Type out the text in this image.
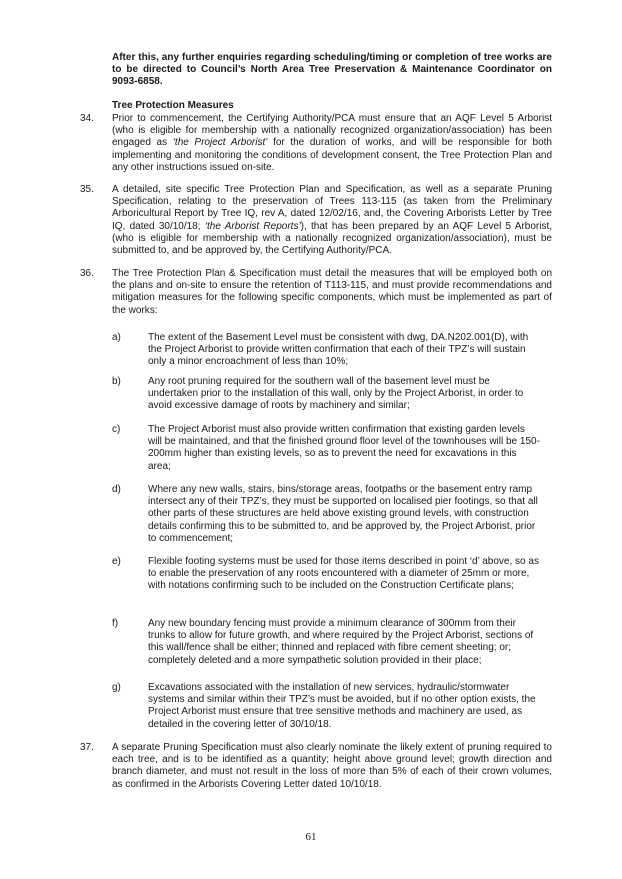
After this, any further enquiries regarding scheduling/timing or completion of tree works are to be directed to Council’s North Area Tree Preservation & Maintenance Coordinator on 9093-6858.
Tree Protection Measures
34. Prior to commencement, the Certifying Authority/PCA must ensure that an AQF Level 5 Arborist (who is eligible for membership with a nationally recognized organization/association) has been engaged as ‘the Project Arborist’ for the duration of works, and will be responsible for both implementing and monitoring the conditions of development consent, the Tree Protection Plan and any other instructions issued on-site.
35. A detailed, site specific Tree Protection Plan and Specification, as well as a separate Pruning Specification, relating to the preservation of Trees 113-115 (as taken from the Preliminary Arboricultural Report by Tree IQ, rev A, dated 12/02/16, and, the Covering Arborists Letter by Tree IQ, dated 30/10/18; ‘the Arborist Reports’), that has been prepared by an AQF Level 5 Arborist, (who is eligible for membership with a nationally recognized organization/association), must be submitted to, and be approved by, the Certifying Authority/PCA.
36. The Tree Protection Plan & Specification must detail the measures that will be employed both on the plans and on-site to ensure the retention of T113-115, and must provide recommendations and mitigation measures for the following specific components, which must be implemented as part of the works:
a)	The extent of the Basement Level must be consistent with dwg, DA.N202.001(D), with the Project Arborist to provide written confirmation that each of their TPZ’s will sustain only a minor encroachment of less than 10%;
b)	Any root pruning required for the southern wall of the basement level must be undertaken prior to the installation of this wall, only by the Project Arborist, in order to avoid excessive damage of roots by machinery and similar;
c)	The Project Arborist must also provide written confirmation that existing garden levels will be maintained, and that the finished ground floor level of the townhouses will be 150-200mm higher than existing levels, so as to prevent the need for excavations in this area;
d)	Where any new walls, stairs, bins/storage areas, footpaths or the basement entry ramp intersect any of their TPZ’s, they must be supported on localised pier footings, so that all other parts of these structures are held above existing ground levels, with construction details confirming this to be submitted to, and be approved by, the Project Arborist, prior to commencement;
e)	Flexible footing systems must be used for those items described in point ‘d’ above, so as to enable the preservation of any roots encountered with a diameter of 25mm or more, with notations confirming such to be included on the Construction Certificate plans;
f)	Any new boundary fencing must provide a minimum clearance of 300mm from their trunks to allow for future growth, and where required by the Project Arborist, sections of this wall/fence shall be either; thinned and replaced with fibre cement sheeting; or; completely deleted and a more sympathetic solution provided in their place;
g)	Excavations associated with the installation of new services, hydraulic/stormwater systems and similar within their TPZ’s must be avoided, but if no other option exists, the Project Arborist must ensure that tree sensitive methods and machinery are used, as detailed in the covering letter of 30/10/18.
37. A separate Pruning Specification must also clearly nominate the likely extent of pruning required to each tree, and is to be identified as a quantity; height above ground level; growth direction and branch diameter, and must not result in the loss of more than 5% of each of their crown volumes, as confirmed in the Arborists Covering Letter dated 10/10/18.
61
